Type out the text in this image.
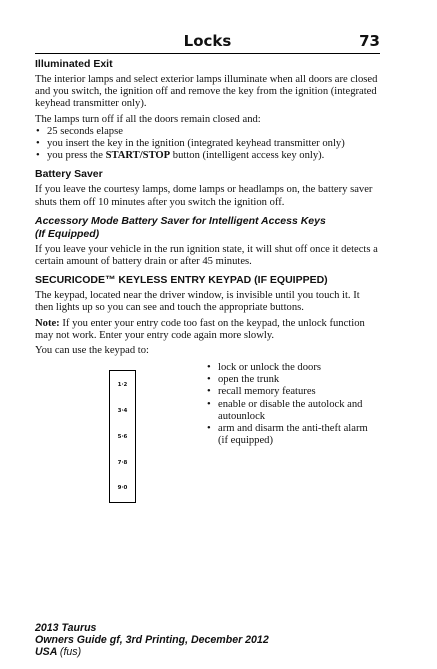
Locks	73

Illuminated Exit

The interior lamps and select exterior lamps illuminate when all doors are closed and you switch, the ignition off and remove the key from the ignition (integrated keyhead transmitter only).

The lamps turn off if all the doors remain closed and:

• 25 seconds elapse
• you insert the key in the ignition (integrated keyhead transmitter only)
• you press the START/STOP button (intelligent access key only).

Battery Saver

If you leave the courtesy lamps, dome lamps or headlamps on, the battery saver shuts them off 10 minutes after you switch the ignition off.

Accessory Mode Battery Saver for Intelligent Access Keys
(If Equipped)

If you leave your vehicle in the run ignition state, it will shut off once it detects a certain amount of battery drain or after 45 minutes.

SECURICODE™ KEYLESS ENTRY KEYPAD (IF EQUIPPED)

The keypad, located near the driver window, is invisible until you touch it. It then lights up so you can see and touch the appropriate buttons.

Note: If you enter your entry code too fast on the keypad, the unlock function may not work. Enter your entry code again more slowly.

You can use the keypad to:

1·2
3·4
5·6
7·8
9·0
• lock or unlock the doors
• open the trunk
• recall memory features
• enable or disable the autolock and autounlock
• arm and disarm the anti-theft alarm (if equipped)

2013 Taurus

Owners Guide gf, 3rd Printing, December 2012

USA (fus)
